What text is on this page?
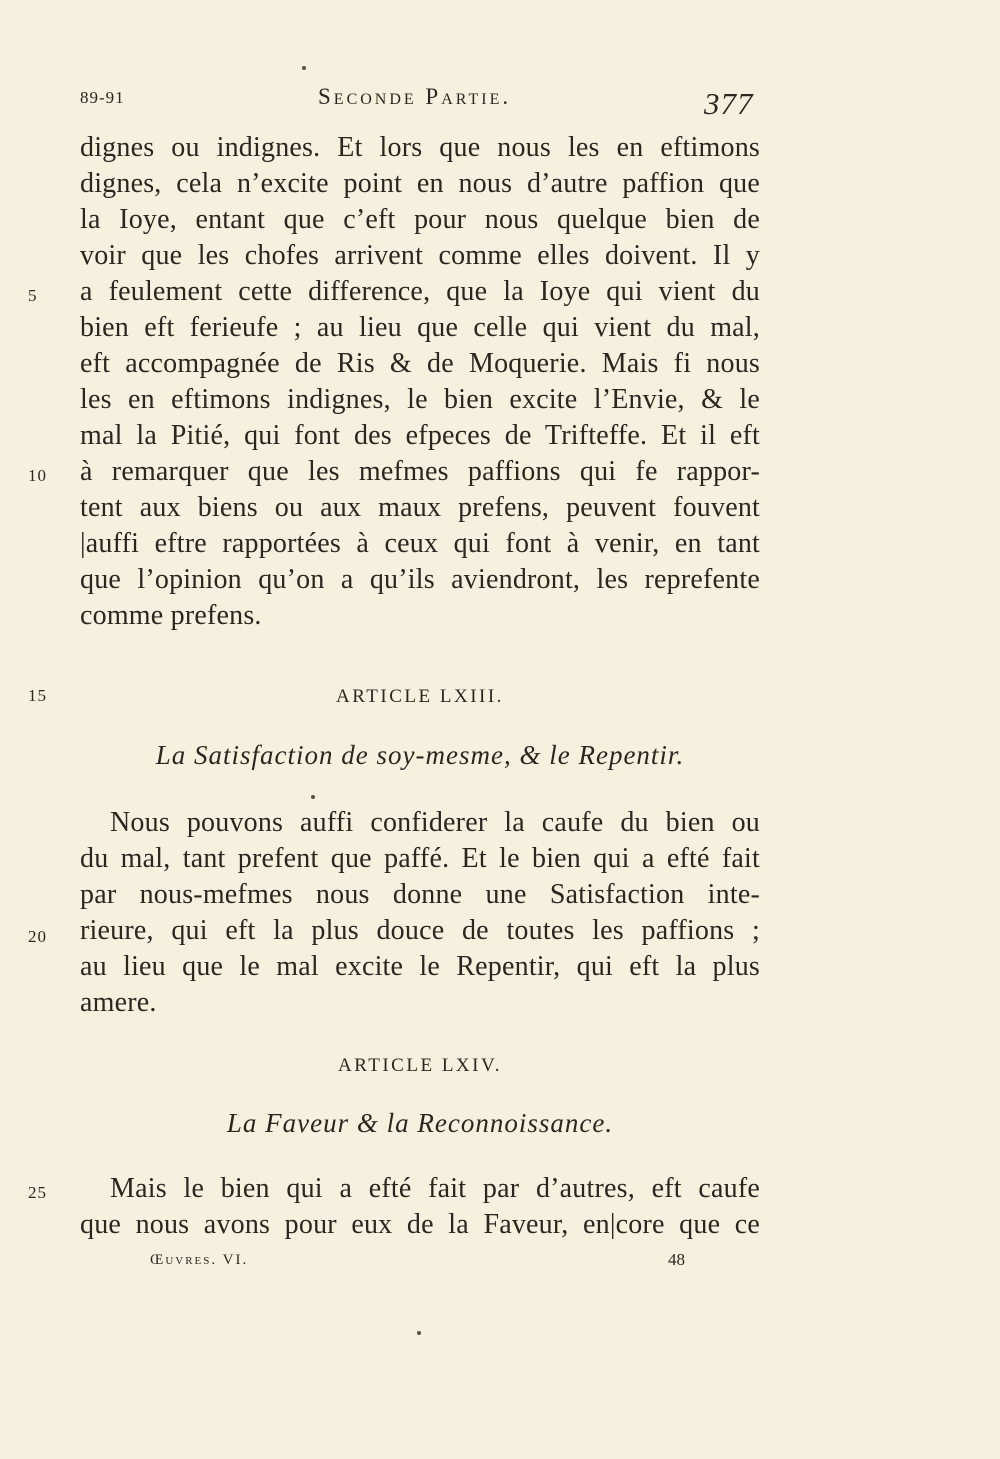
89-91	Seconde Partie.	377
dignes ou indignes. Et lors que nous les en eftimons
dignes, cela n’excite point en nous d’autre paffion que
la Ioye, entant que c’eft pour nous quelque bien de
voir que les chofes arrivent comme elles doivent. Il y
5 a feulement cette difference, que la Ioye qui vient du
bien eft ferieufe ; au lieu que celle qui vient du mal,
eft accompagnée de Ris & de Moquerie. Mais fi nous
les en eftimons indignes, le bien excite l’Envie, & le
mal la Pitié, qui font des efpeces de Trifteffe. Et il eft
10 à remarquer que les mefmes paffions qui fe rappor-
tent aux biens ou aux maux prefens, peuvent fouvent
|auffi eftre rapportées à ceux qui font à venir, en tant
que l’opinion qu’on a qu’ils aviendront, les reprefente
comme prefens.
15	ARTICLE LXIII.
La Satisfaction de soy-mesme, & le Repentir.
Nous pouvons auffi confiderer la caufe du bien ou
du mal, tant prefent que paffé. Et le bien qui a efté fait
par nous-mefmes nous donne une Satisfaction inte-
20 rieure, qui eft la plus douce de toutes les paffions ;
au lieu que le mal excite le Repentir, qui eft la plus
amere.
ARTICLE LXIV.
La Faveur & la Reconnoissance.
25 Mais le bien qui a efté fait par d’autres, eft caufe
que nous avons pour eux de la Faveur, en|core que ce
Œuvres. VI.	48
